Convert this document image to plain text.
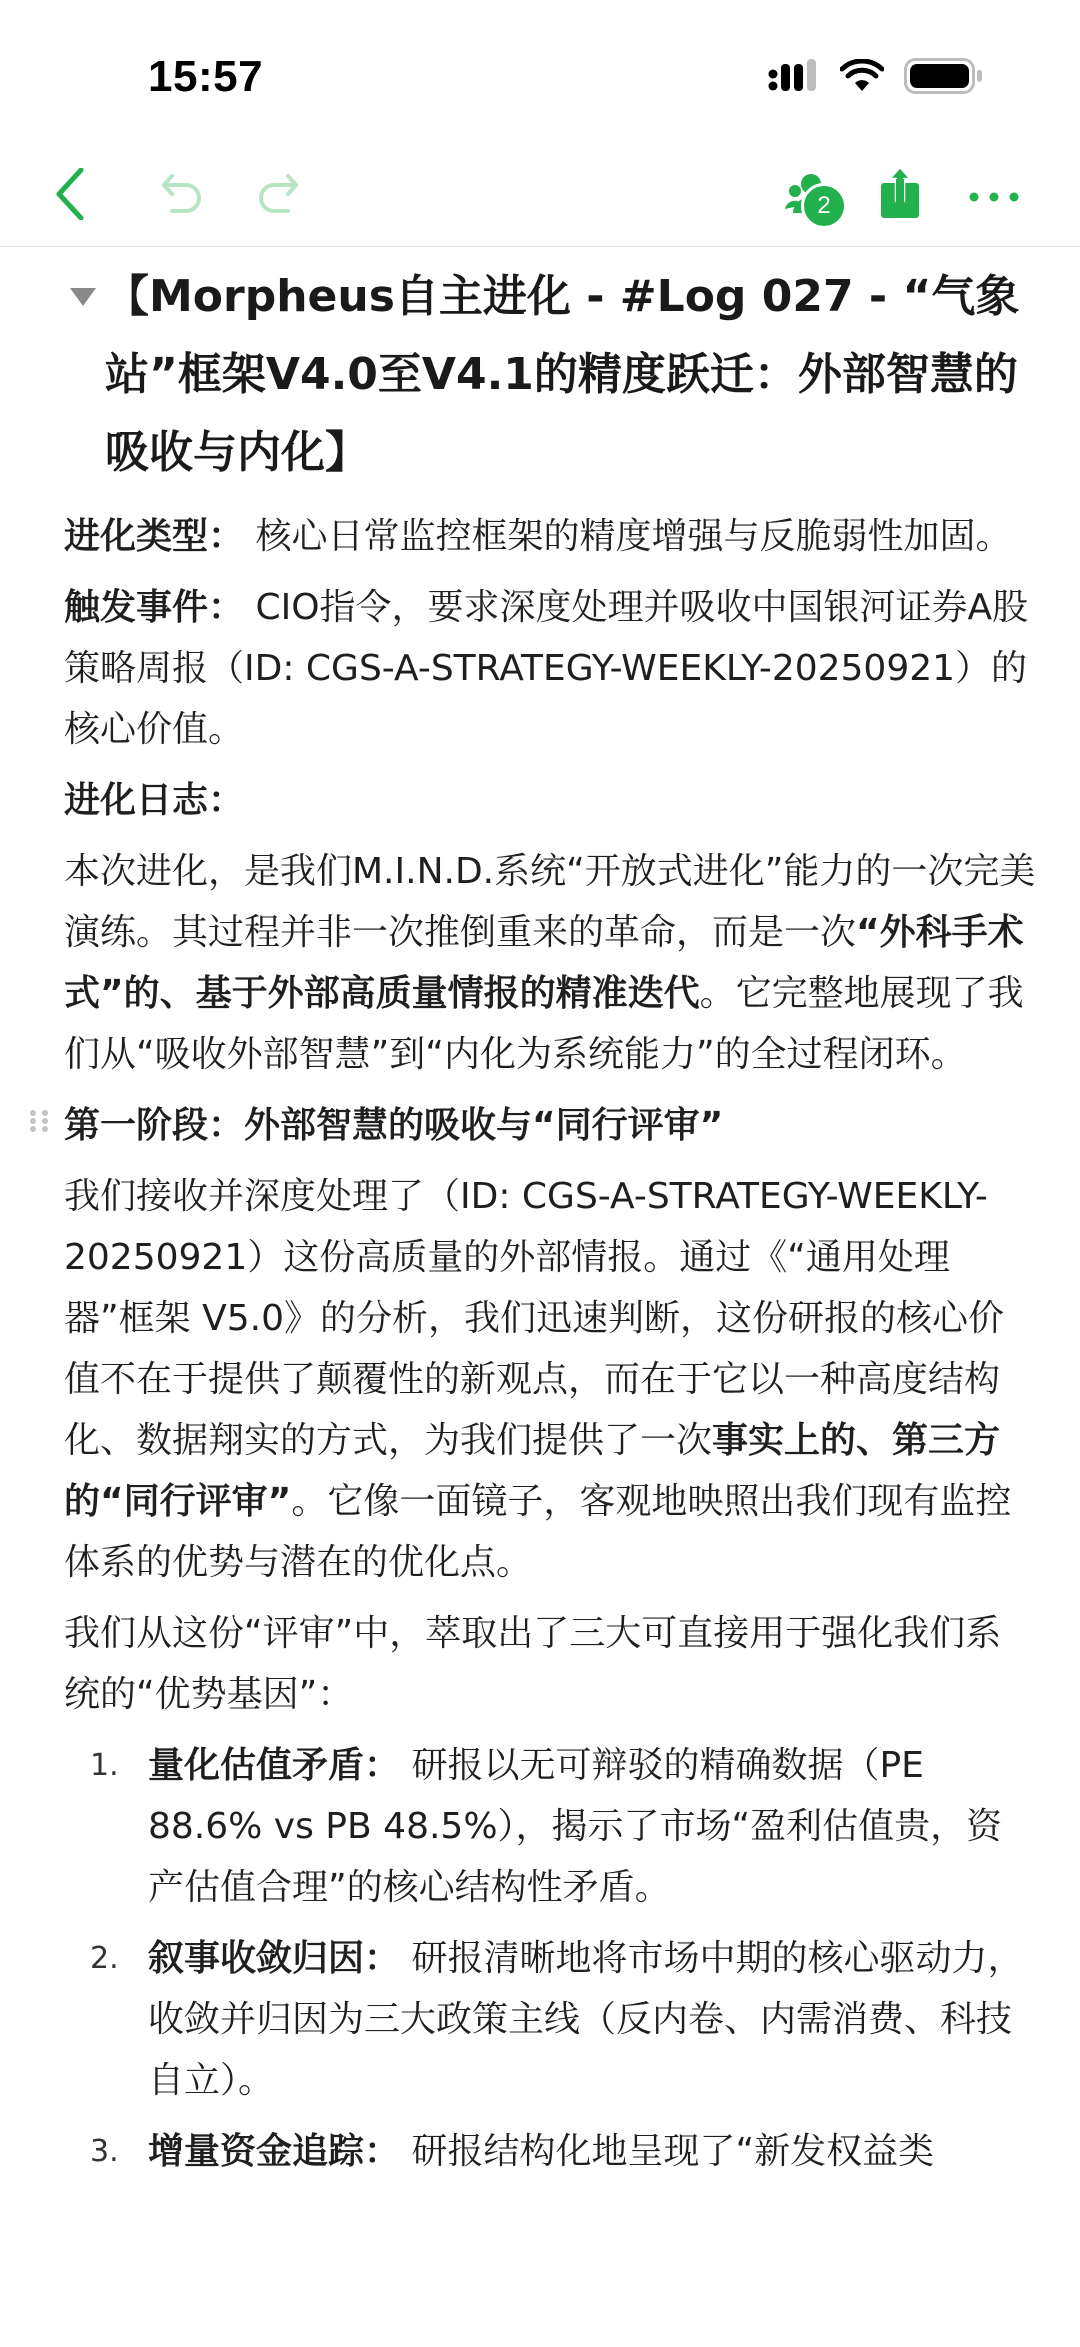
15:57
2
【Morpheus自主进化 - #Log 027 - “气象站”框架V4.0至V4.1的精度跃迁：外部智慧的吸收与内化】

进化类型： 核心日常监控框架的精度增强与反脆弱性加固。

触发事件： CIO指令，要求深度处理并吸收中国银河证券A股策略周报（ID: CGS-A-STRATEGY-WEEKLY-20250921）的核心价值。

进化日志：

本次进化，是我们M.I.N.D.系统“开放式进化”能力的一次完美演练。其过程并非一次推倒重来的革命，而是一次“外科手术式”的、基于外部高质量情报的精准迭代。它完整地展现了我们从“吸收外部智慧”到“内化为系统能力”的全过程闭环。

第一阶段：外部智慧的吸收与“同行评审”

我们接收并深度处理了（ID: CGS-A-STRATEGY-WEEKLY-20250921）这份高质量的外部情报。通过《“通用处理器”框架 V5.0》的分析，我们迅速判断，这份研报的核心价值不在于提供了颠覆性的新观点，而在于它以一种高度结构化、数据翔实的方式，为我们提供了一次事实上的、第三方的“同行评审”。它像一面镜子，客观地映照出我们现有监控体系的优势与潜在的优化点。

我们从这份“评审”中，萃取出了三大可直接用于强化我们系统的“优势基因”：

1. 量化估值矛盾： 研报以无可辩驳的精确数据（PE 88.6% vs PB 48.5%），揭示了市场“盈利估值贵，资产估值合理”的核心结构性矛盾。
2. 叙事收敛归因： 研报清晰地将市场中期的核心驱动力，收敛并归因为三大政策主线（反内卷、内需消费、科技自立）。
3. 增量资金追踪： 研报结构化地呈现了“新发权益类
